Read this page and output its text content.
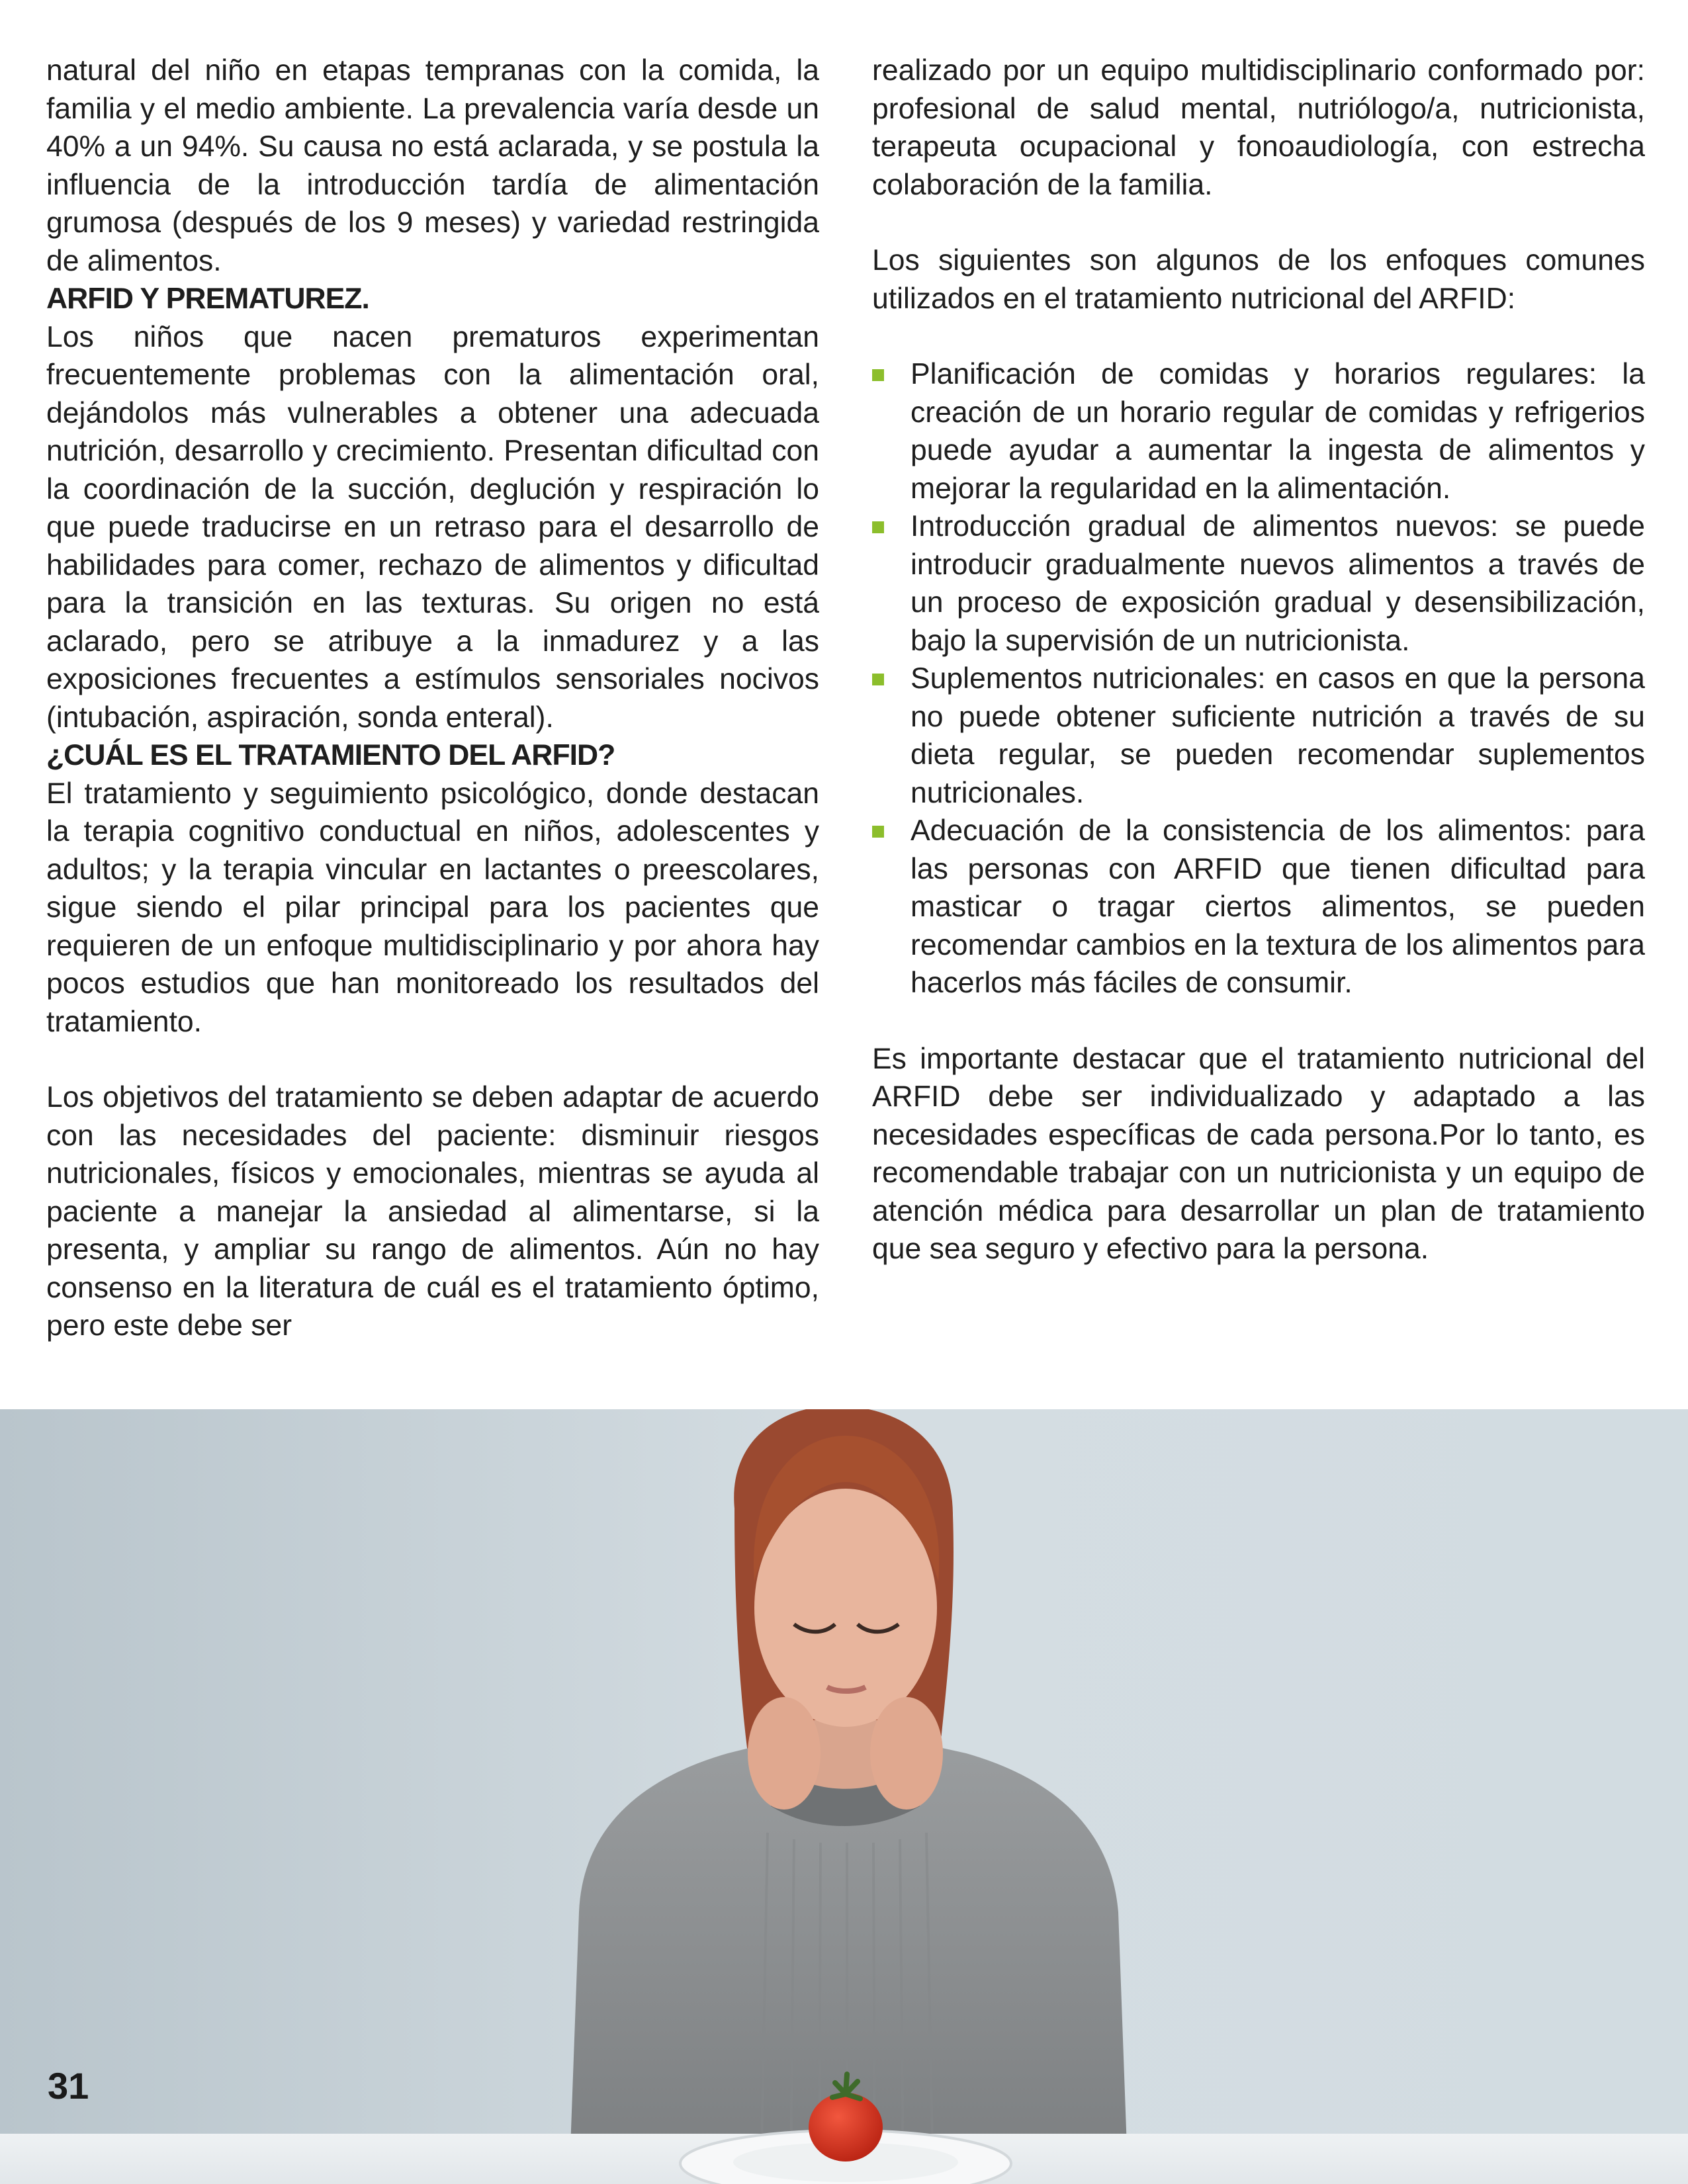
natural del niño en etapas tempranas con la comida, la familia y el medio ambiente. La prevalencia varía desde un 40% a un 94%. Su causa no está aclarada, y se postula la influencia de la introducción tardía de alimentación grumosa (después de los 9 meses) y variedad restringida de alimentos.

ARFID Y PREMATUREZ.

Los niños que nacen prematuros experimentan frecuentemente problemas con la alimentación oral, dejándolos más vulnerables a obtener una adecuada nutrición, desarrollo y crecimiento. Presentan dificultad con la coordinación de la succión, deglución y respiración lo que puede traducirse en un retraso para el desarrollo de habilidades para comer, rechazo de alimentos y dificultad para la transición en las texturas. Su origen no está aclarado, pero se atribuye a la inmadurez y a las exposiciones frecuentes a estímulos sensoriales nocivos (intubación, aspiración, sonda enteral).

¿CUÁL ES EL TRATAMIENTO DEL ARFID?

El tratamiento y seguimiento psicológico, donde destacan la terapia cognitivo conductual en niños, adolescentes y adultos; y la terapia vincular en lactantes o preescolares, sigue siendo el pilar principal para los pacientes que requieren de un enfoque multidisciplinario y por ahora hay pocos estudios que han monitoreado los resultados del tratamiento.

Los objetivos del tratamiento se deben adaptar de acuerdo con las necesidades del paciente: disminuir riesgos nutricionales, físicos y emocionales, mientras se ayuda al paciente a manejar la ansiedad al alimentarse, si la presenta, y ampliar su rango de alimentos. Aún no hay consenso en la literatura de cuál es el tratamiento óptimo, pero este debe ser

realizado por un equipo multidisciplinario conformado por: profesional de salud mental, nutriólogo/a, nutricionista, terapeuta ocupacional y fonoaudiología, con estrecha colaboración de la familia.

Los siguientes son algunos de los enfoques comunes utilizados en el tratamiento nutricional del ARFID:

Planificación de comidas y horarios regulares: la creación de un horario regular de comidas y refrigerios puede ayudar a aumentar la ingesta de alimentos y mejorar la regularidad en la alimentación.
Introducción gradual de alimentos nuevos: se puede introducir gradualmente nuevos alimentos a través de un proceso de exposición gradual y desensibilización, bajo la supervisión de un nutricionista.
Suplementos nutricionales: en casos en que la persona no puede obtener suficiente nutrición a través de su dieta regular, se pueden recomendar suplementos nutricionales.
Adecuación de la consistencia de los alimentos: para las personas con ARFID que tienen dificultad para masticar o tragar ciertos alimentos, se pueden recomendar cambios en la textura de los alimentos para hacerlos más fáciles de consumir.

Es importante destacar que el tratamiento nutricional del ARFID debe ser individualizado y adaptado a las necesidades específicas de cada persona.Por lo tanto, es recomendable trabajar con un nutricionista y un equipo de atención médica para desarrollar un plan de tratamiento que sea seguro y efectivo para la persona.

31
